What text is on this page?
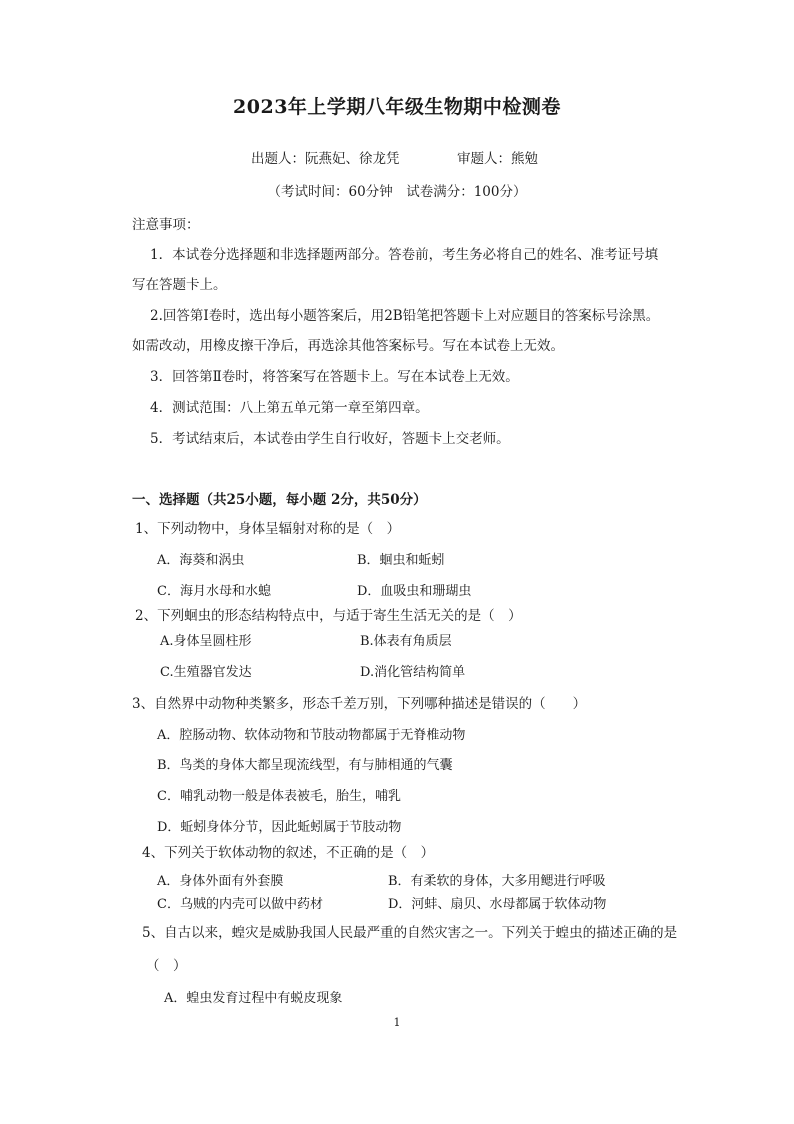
2023年上学期八年级生物期中检测卷
出题人：阮燕妃、徐龙凭	审题人：熊勉
（考试时间：60分钟　试卷满分：100分）
注意事项：
1．本试卷分选择题和非选择题两部分。答卷前，考生务必将自己的姓名、准考证号填
写在答题卡上。
2.回答第Ⅰ卷时，选出每小题答案后，用2B铅笔把答题卡上对应题目的答案标号涂黑。
如需改动，用橡皮擦干净后，再选涂其他答案标号。写在本试卷上无效。
3．回答第Ⅱ卷时，将答案写在答题卡上。写在本试卷上无效。
4．测试范围：八上第五单元第一章至第四章。
5．考试结束后，本试卷由学生自行收好，答题卡上交老师。
一、选择题（共25小题，每小题 2分，共50分）
1、下列动物中，身体呈辐射对称的是（　）
A．海葵和涡虫	B．蛔虫和蚯蚓
C．海月水母和水螅	D．血吸虫和珊瑚虫
2、下列蛔虫的形态结构特点中，与适于寄生生活无关的是（　）
A.身体呈圆柱形	B.体表有角质层
C.生殖器官发达	D.消化管结构简单
3、自然界中动物种类繁多，形态千差万别，下列哪种描述是错误的（　　）
A．腔肠动物、软体动物和节肢动物都属于无脊椎动物
B．鸟类的身体大都呈现流线型，有与肺相通的气囊
C．哺乳动物一般是体表被毛，胎生，哺乳
D．蚯蚓身体分节，因此蚯蚓属于节肢动物
4、下列关于软体动物的叙述，不正确的是（　）
A．身体外面有外套膜	B．有柔软的身体，大多用鳃进行呼吸
C．乌贼的内壳可以做中药材	D．河蚌、扇贝、水母都属于软体动物
5、自古以来，蝗灾是威胁我国人民最严重的自然灾害之一。下列关于蝗虫的描述正确的是
（　）
A．蝗虫发育过程中有蜕皮现象
1
